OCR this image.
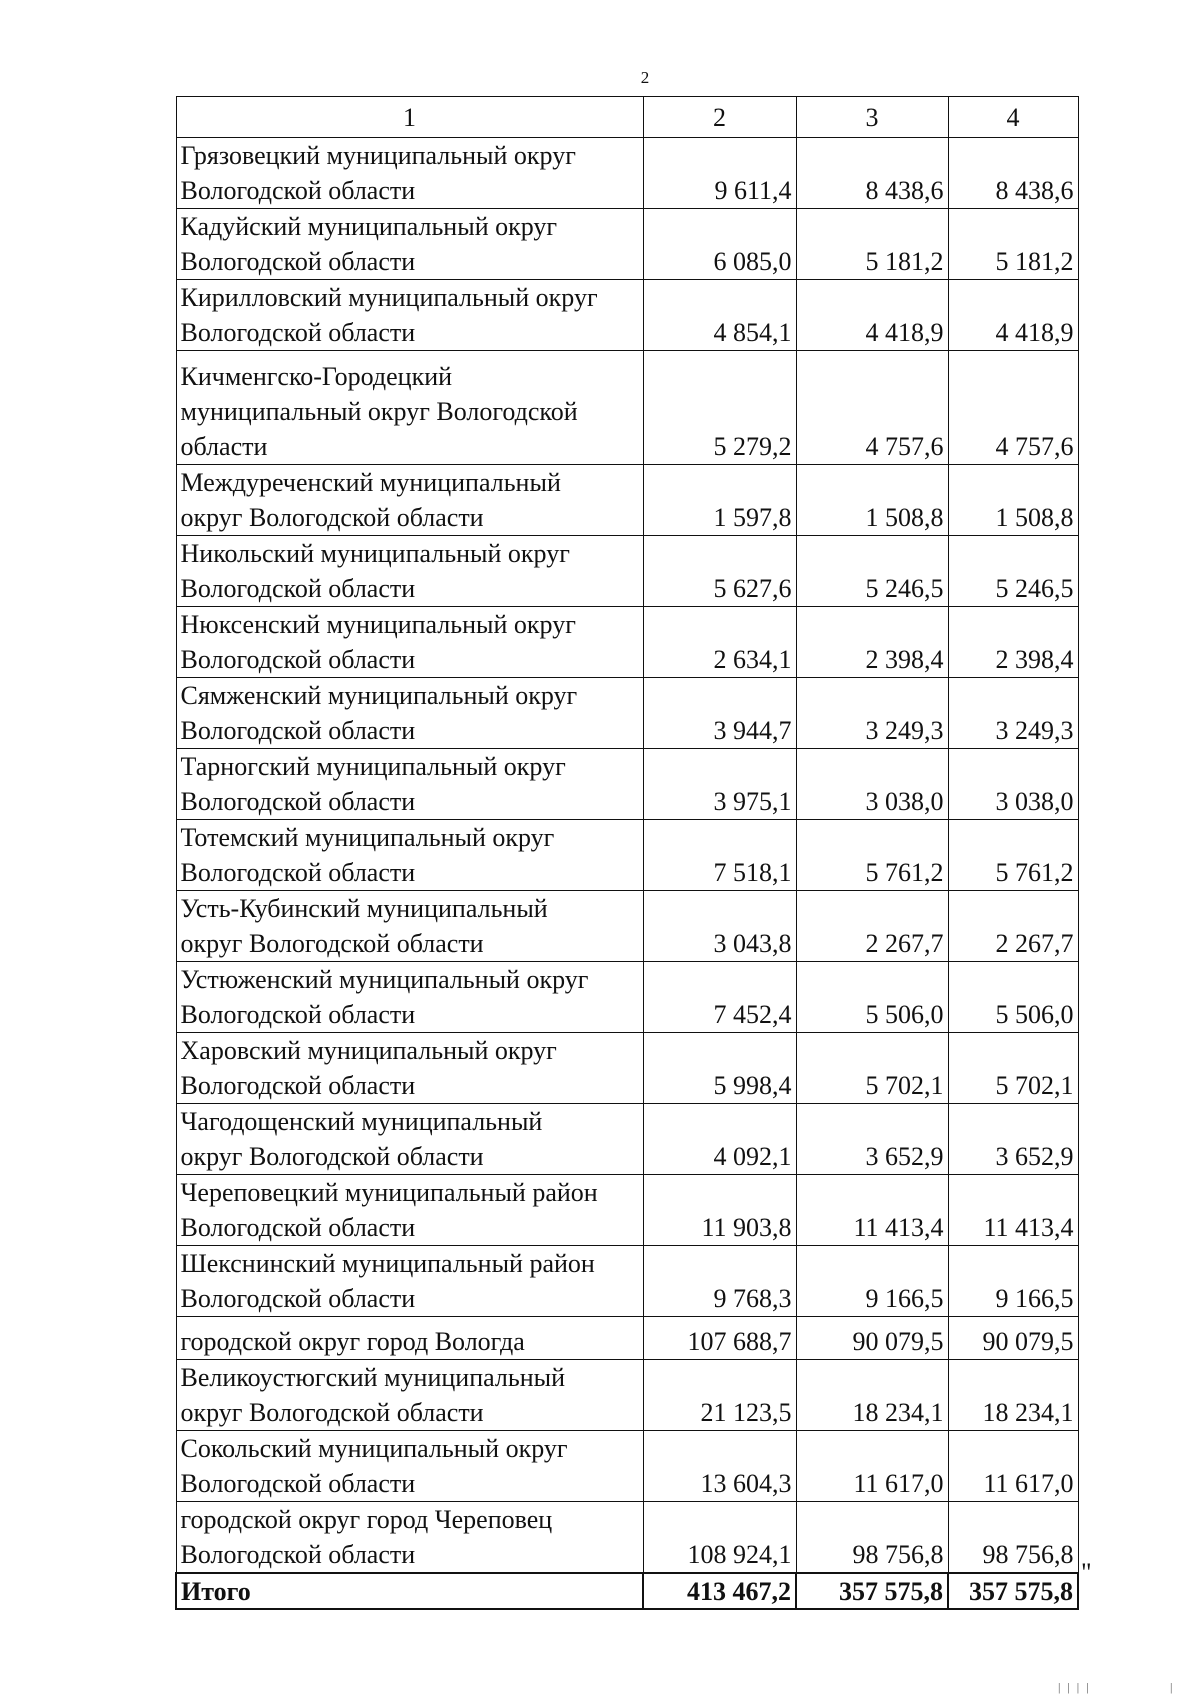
2
1	2	3	4
Грязовецкий муниципальный округ
Вологодской области	9 611,4	8 438,6	8 438,6
Кадуйский муниципальный округ
Вологодской области	6 085,0	5 181,2	5 181,2
Кирилловский муниципальный округ
Вологодской области	4 854,1	4 418,9	4 418,9
Кичменгско-Городецкий
муниципальный округ Вологодской
области	5 279,2	4 757,6	4 757,6
Междуреченский муниципальный
округ Вологодской области	1 597,8	1 508,8	1 508,8
Никольский муниципальный округ
Вологодской области	5 627,6	5 246,5	5 246,5
Нюксенский муниципальный округ
Вологодской области	2 634,1	2 398,4	2 398,4
Сямженский муниципальный округ
Вологодской области	3 944,7	3 249,3	3 249,3
Тарногский муниципальный округ
Вологодской области	3 975,1	3 038,0	3 038,0
Тотемский муниципальный округ
Вологодской области	7 518,1	5 761,2	5 761,2
Усть-Кубинский муниципальный
округ Вологодской области	3 043,8	2 267,7	2 267,7
Устюженский муниципальный округ
Вологодской области	7 452,4	5 506,0	5 506,0
Харовский муниципальный округ
Вологодской области	5 998,4	5 702,1	5 702,1
Чагодощенский муниципальный
округ Вологодской области	4 092,1	3 652,9	3 652,9
Череповецкий муниципальный район
Вологодской области	11 903,8	11 413,4	11 413,4
Шекснинский муниципальный район
Вологодской области	9 768,3	9 166,5	9 166,5
городской округ город Вологда	107 688,7	90 079,5	90 079,5
Великоустюгский муниципальный
округ Вологодской области	21 123,5	18 234,1	18 234,1
Сокольский муниципальный округ
Вологодской области	13 604,3	11 617,0	11 617,0
городской округ город Череповец
Вологодской области	108 924,1	98 756,8	98 756,8
Итого	413 467,2	357 575,8	357 575,8
"
| | | |	|
